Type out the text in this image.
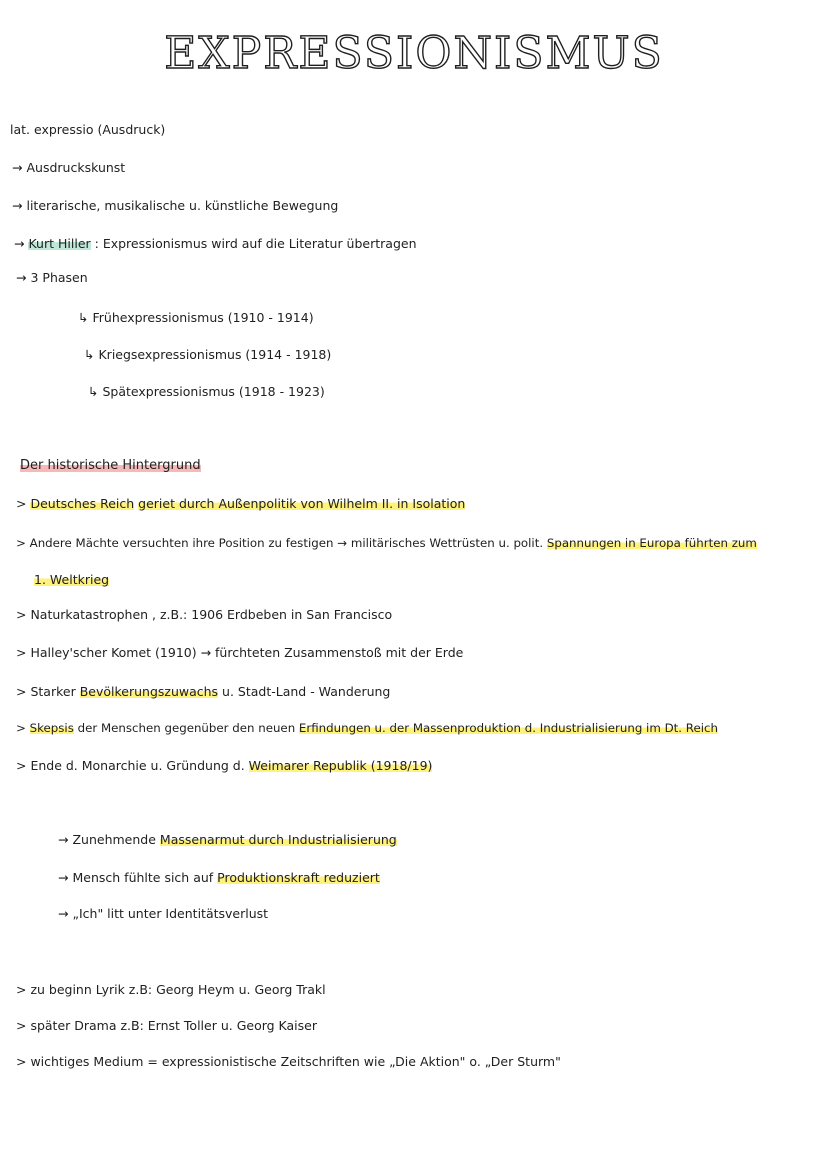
EXPRESSIONISMUS
lat. expressio (Ausdruck)
→ Ausdruckskunst
→ literarische, musikalische u. künstliche Bewegung
→ Kurt Hiller : Expressionismus wird auf die Literatur übertragen
→ 3 Phasen
↳ Frühexpressionismus (1910 - 1914)
↳ Kriegsexpressionismus (1914 - 1918)
↳ Spätexpressionismus (1918 - 1923)
Der historische Hintergrund
> Deutsches Reich geriet durch Außenpolitik von Wilhelm II. in Isolation
> Andere Mächte versuchten ihre Position zu festigen → militärisches Wettrüsten u. polit. Spannungen in Europa führten zum
1. Weltkrieg
> Naturkatastrophen , z.B.: 1906 Erdbeben in San Francisco
> Halley'scher Komet (1910) → fürchteten Zusammenstoß mit der Erde
> Starker Bevölkerungszuwachs u. Stadt-Land - Wanderung
> Skepsis der Menschen gegenüber den neuen Erfindungen u. der Massenproduktion d. Industrialisierung im Dt. Reich
> Ende d. Monarchie u. Gründung d. Weimarer Republik (1918/19)
→ Zunehmende Massenarmut durch Industrialisierung
→ Mensch fühlte sich auf Produktionskraft reduziert
→ „Ich" litt unter Identitätsverlust
> zu beginn Lyrik z.B: Georg Heym u. Georg Trakl
> später Drama z.B: Ernst Toller u. Georg Kaiser
> wichtiges Medium = expressionistische Zeitschriften wie „Die Aktion" o. „Der Sturm"
